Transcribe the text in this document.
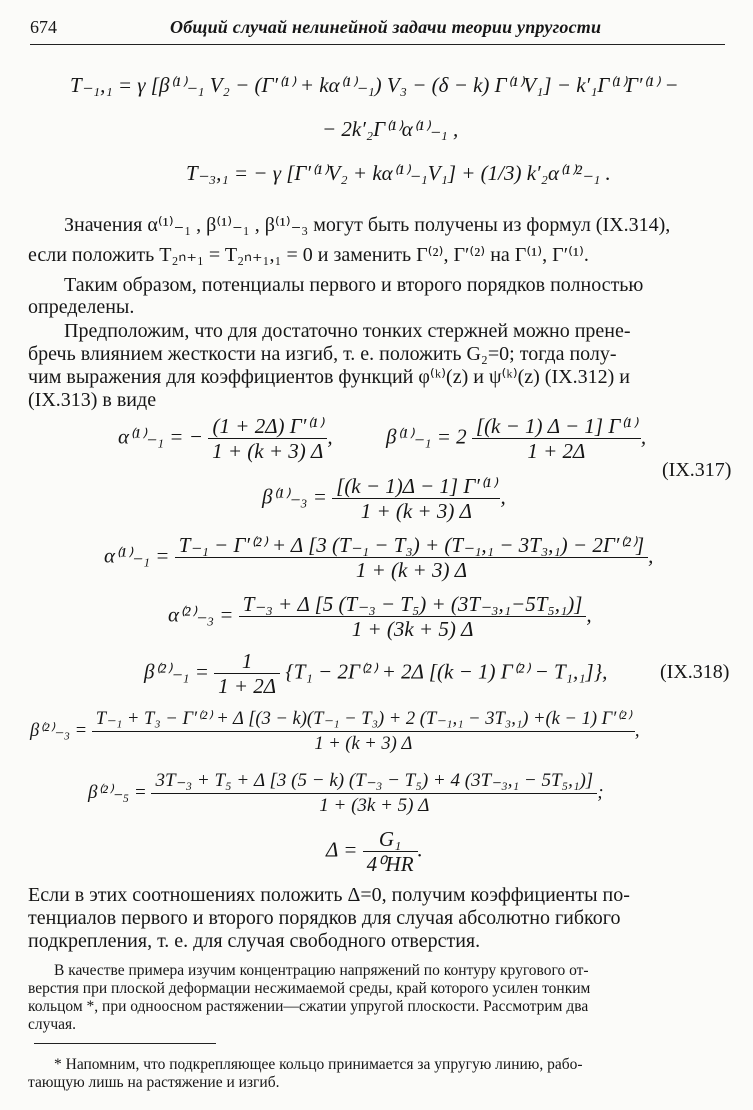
674	Общий случай нелинейной задачи теории упругости
T₋₁,₁ = γ [β⁽¹⁾₋₁ V₂ − (Γ′⁽¹⁾ + kα⁽¹⁾₋₁) V₃ − (δ − k) Γ⁽¹⁾V₁] − k′₁Γ⁽¹⁾Γ′⁽¹⁾ −
− 2k′₂Γ⁽¹⁾α⁽¹⁾₋₁ ,
T₋₃,₁ = − γ [Γ′⁽¹⁾V₂ + kα⁽¹⁾₋₁V₁] + (1/3) k′₂α⁽¹⁾²₋₁ .
Значения α⁽¹⁾₋₁ , β⁽¹⁾₋₁ , β⁽¹⁾₋₃ могут быть получены из формул (IX.314),
если положить T₂ₙ₊₁ = T₂ₙ₊₁,₁ = 0 и заменить Γ⁽²⁾, Γ′⁽²⁾ на Γ⁽¹⁾, Γ′⁽¹⁾.
Таким образом, потенциалы первого и второго порядков полностью
определены.
Предположим, что для достаточно тонких стержней можно прене-
бречь влиянием жесткости на изгиб, т. е. положить G₂=0; тогда полу-
чим выражения для коэффициентов функций φ⁽ᵏ⁾(z) и ψ⁽ᵏ⁾(z) (IX.312) и
(IX.313) в виде
α⁽¹⁾₋₁ = − $\frac{\text{(1 + 2Δ) Γ′⁽¹⁾}}{1 + (k + 3) \Delta}$ ,	$\beta^{(1)}_{-1} = 2 \frac{\text{[(k − 1) Δ − 1] Γ⁽¹⁾}}{1 + 2\Delta}$ ,
(IX.317)
$\beta^{(1)}_{-3} = \frac{\text{[(k − 1)Δ − 1] Γ′⁽¹⁾}}{1 + (k + 3) \Delta}$ ,
$\alpha^{(1)}_{-1} = \frac{\text{T₋₁ − Γ′⁽²⁾ + Δ [3 (T₋₁ − T₃) + (T₋₁,₁ − 3T₃,₁) − 2Γ′⁽²⁾]}}{1 + (k + 3) \Delta}$ ,
$\alpha^{(2)}_{-3} = \frac{\text{T₋₃ + Δ [5 (T₋₃ − T₅) + (3T₋₃,₁−5T₅,₁)]}}{1 + (3k + 5) \Delta}$ ,
$\beta^{(2)}_{-1} = \frac{1}{1 + 2\Delta} \{T_1 - 2\Gamma^{(2)} + 2\Delta$ [(k − 1) Γ⁽²⁾ − T₁,₁]},	(IX.318)
β⁽²⁾₋₃ =
T₋₁ + T₃ − Γ′⁽²⁾ + Δ [(3 − k)(T₋₁ − T₃) + 2 (T₋₁,₁ − 3T₃,₁) +(k − 1) Γ′⁽²⁾
1 + (k + 3) Δ
,
$\beta^{(2)}_{-5} = \frac{\text{3T₋₃ + T₅ + Δ [3 (5 − k) (T₋₃ − T₅) + 4 (3T₋₃,₁ − 5T₅,₁)]}}{1 + (3k + 5) \Delta}$ ;
$\Delta = \frac{\text{G₁}}{\text{4⁰HR}}$ .
Если в этих соотношениях положить Δ=0, получим коэффициенты по-
тенциалов первого и второго порядков для случая абсолютно гибкого
подкрепления, т. е. для случая свободного отверстия.
В качестве примера изучим концентрацию напряжений по контуру кругового от-
верстия при плоской деформации несжимаемой среды, край которого усилен тонким
кольцом *, при одноосном растяжении—сжатии упругой плоскости. Рассмотрим два
случая.
* Напомним, что подкрепляющее кольцо принимается за упругую линию, рабо-
тающую лишь на растяжение и изгиб.
